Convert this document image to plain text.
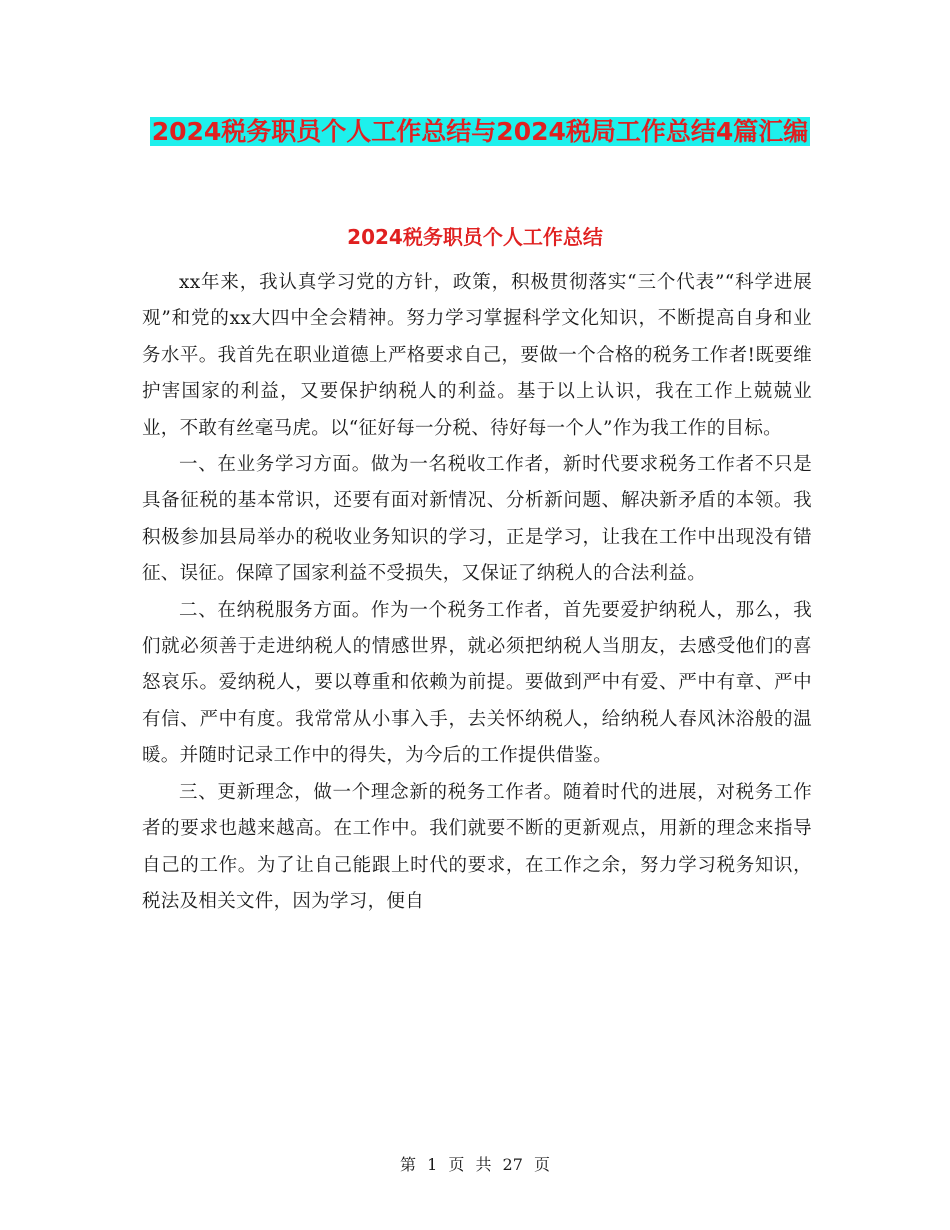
2024税务职员个人工作总结与2024税局工作总结4篇汇编
2024税务职员个人工作总结

xx年来，我认真学习党的方针，政策，积极贯彻落实“三个代表”“科学进展观”和党的xx大四中全会精神。努力学习掌握科学文化知识，不断提高自身和业务水平。我首先在职业道德上严格要求自己，要做一个合格的税务工作者!既要维护害国家的利益，又要保护纳税人的利益。基于以上认识，我在工作上兢兢业业，不敢有丝毫马虎。以“征好每一分税、待好每一个人”作为我工作的目标。

一、在业务学习方面。做为一名税收工作者，新时代要求税务工作者不只是具备征税的基本常识，还要有面对新情况、分析新问题、解决新矛盾的本领。我积极参加县局举办的税收业务知识的学习，正是学习，让我在工作中出现没有错征、误征。保障了国家利益不受损失，又保证了纳税人的合法利益。

二、在纳税服务方面。作为一个税务工作者，首先要爱护纳税人，那么，我们就必须善于走进纳税人的情感世界，就必须把纳税人当朋友，去感受他们的喜怒哀乐。爱纳税人，要以尊重和依赖为前提。要做到严中有爱、严中有章、严中有信、严中有度。我常常从小事入手，去关怀纳税人，给纳税人春风沐浴般的温暖。并随时记录工作中的得失，为今后的工作提供借鉴。

三、更新理念，做一个理念新的税务工作者。随着时代的进展，对税务工作者的要求也越来越高。在工作中。我们就要不断的更新观点，用新的理念来指导自己的工作。为了让自己能跟上时代的要求，在工作之余，努力学习税务知识，税法及相关文件，因为学习，便自

第 1 页 共 27 页
